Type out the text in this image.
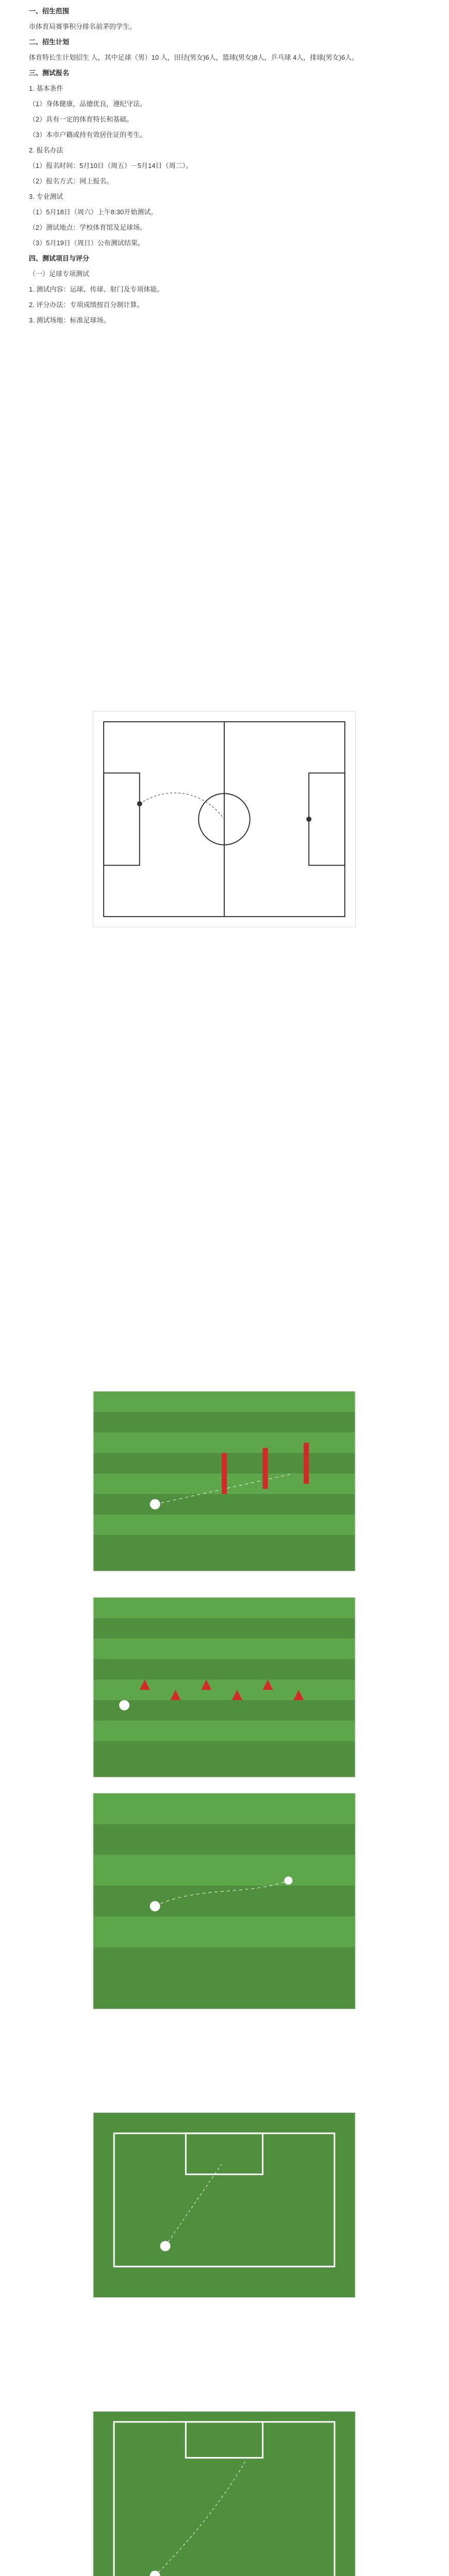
一、招生范围

市体育局赛事积分排名前茅的学生。

二、招生计划

体育特长生计划招生 人，其中足球（男）10 人，田径(男女)6人，篮球(男女)8人，乒乓球 4人，排球(男女)6人。

三、测试报名

1. 基本条件

（1）身体健康，品德优良，遵纪守法。

（2）具有一定的体育特长和基础。

（3）本市户籍或持有效居住证的考生。

2. 报名办法

（1）报名时间：5月10日（周五）－5月14日（周二）。

（2）报名方式：网上报名。

3. 专业测试

（1）5月18日（周六）上午8:30开始测试。

（2）测试地点：学校体育馆及足球场。

（3）5月19日（周日）公布测试结果。

四、测试项目与评分

（一）足球专项测试

1. 测试内容：运球、传球、射门及专项体能。

2. 评分办法：专项成绩按百分制计算。

3. 测试场地：标准足球场。
